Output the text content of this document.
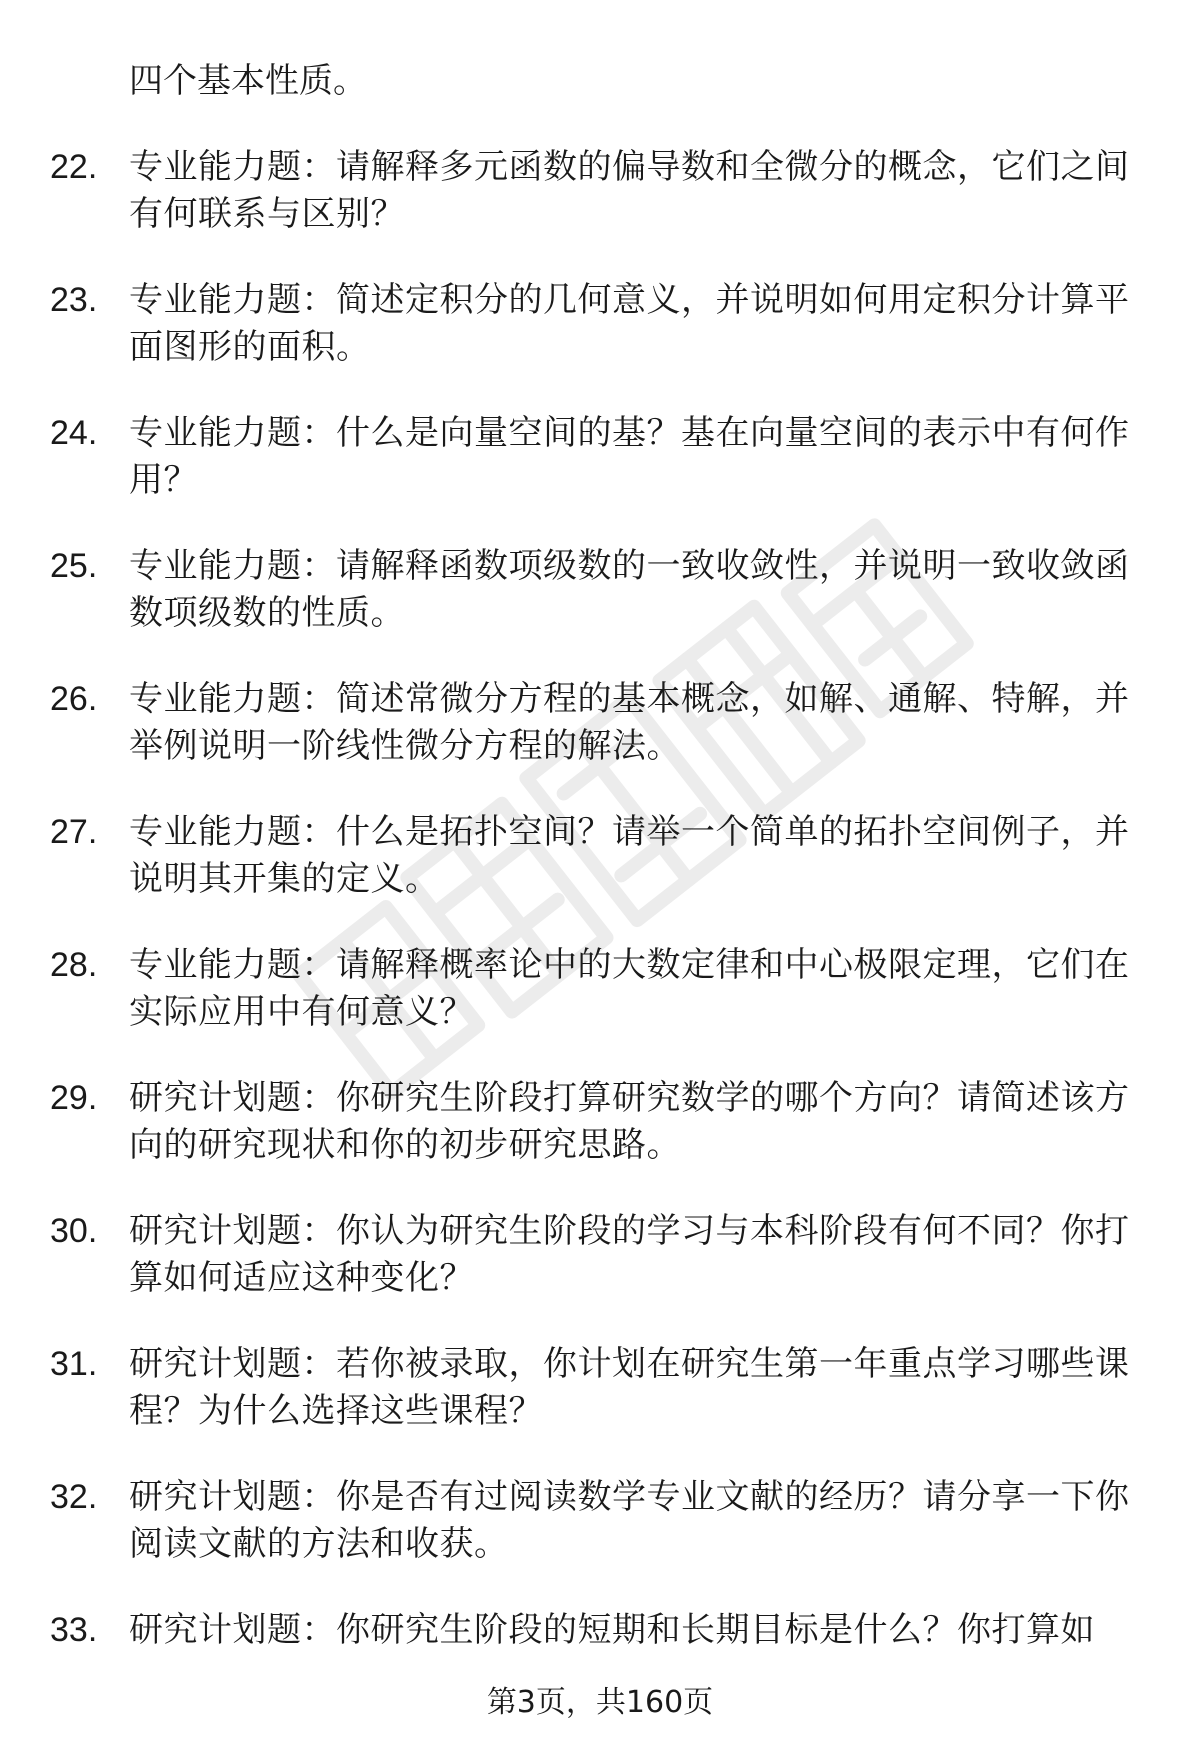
四个基本性质。
22. 专业能力题：请解释多元函数的偏导数和全微分的概念，它们之间有何联系与区别？
23. 专业能力题：简述定积分的几何意义，并说明如何用定积分计算平面图形的面积。
24. 专业能力题：什么是向量空间的基？基在向量空间的表示中有何作用？
25. 专业能力题：请解释函数项级数的一致收敛性，并说明一致收敛函数项级数的性质。
26. 专业能力题：简述常微分方程的基本概念，如解、通解、特解，并举例说明一阶线性微分方程的解法。
27. 专业能力题：什么是拓扑空间？请举一个简单的拓扑空间例子，并说明其开集的定义。
28. 专业能力题：请解释概率论中的大数定律和中心极限定理，它们在实际应用中有何意义？
29. 研究计划题：你研究生阶段打算研究数学的哪个方向？请简述该方向的研究现状和你的初步研究思路。
30. 研究计划题：你认为研究生阶段的学习与本科阶段有何不同？你打算如何适应这种变化？
31. 研究计划题：若你被录取，你计划在研究生第一年重点学习哪些课程？为什么选择这些课程？
32. 研究计划题：你是否有过阅读数学专业文献的经历？请分享一下你阅读文献的方法和收获。
33. 研究计划题：你研究生阶段的短期和长期目标是什么？你打算如
第3页，共160页
